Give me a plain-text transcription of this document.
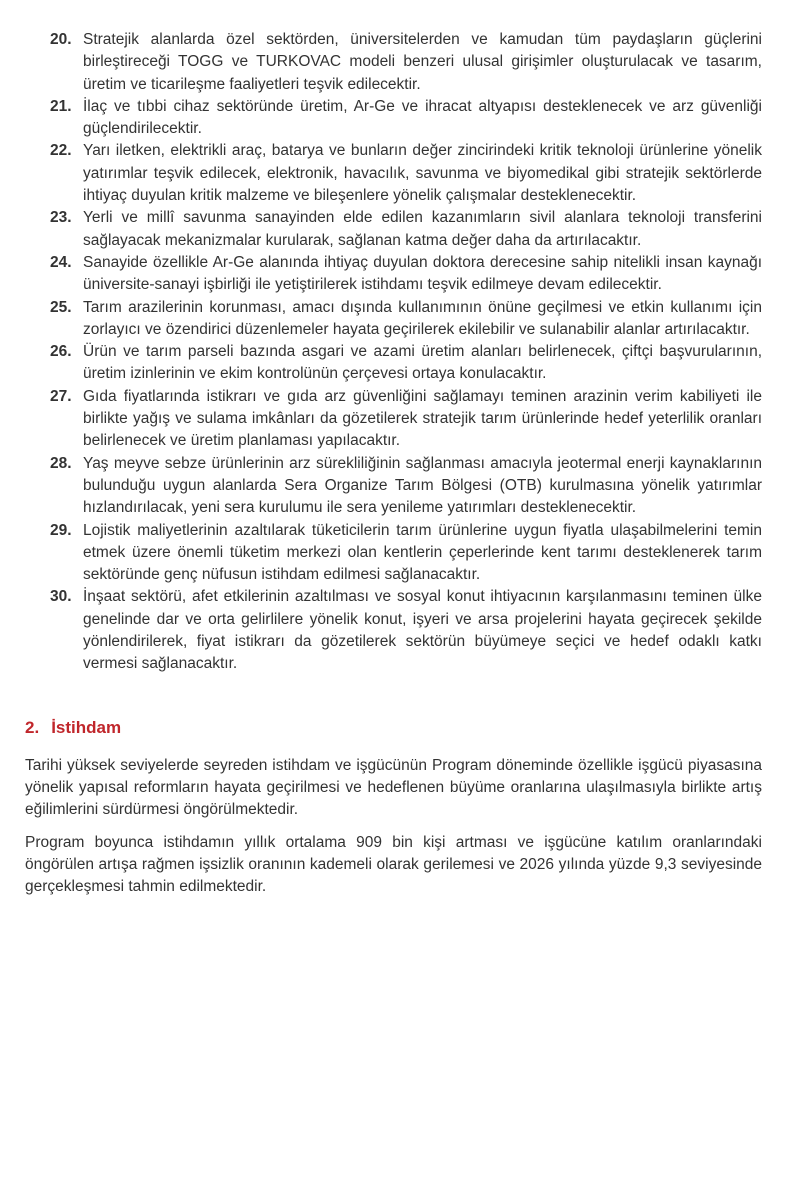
20. Stratejik alanlarda özel sektörden, üniversitelerden ve kamudan tüm paydaşların güçlerini birleştireceği TOGG ve TURKOVAC modeli benzeri ulusal girişimler oluşturulacak ve tasarım, üretim ve ticarileşme faaliyetleri teşvik edilecektir.
21. İlaç ve tıbbi cihaz sektöründe üretim, Ar-Ge ve ihracat altyapısı desteklenecek ve arz güvenliği güçlendirilecektir.
22. Yarı iletken, elektrikli araç, batarya ve bunların değer zincirindeki kritik teknoloji ürünlerine yönelik yatırımlar teşvik edilecek, elektronik, havacılık, savunma ve biyomedikal gibi stratejik sektörlerde ihtiyaç duyulan kritik malzeme ve bileşenlere yönelik çalışmalar desteklenecektir.
23. Yerli ve millî savunma sanayinden elde edilen kazanımların sivil alanlara teknoloji transferini sağlayacak mekanizmalar kurularak, sağlanan katma değer daha da artırılacaktır.
24. Sanayide özellikle Ar-Ge alanında ihtiyaç duyulan doktora derecesine sahip nitelikli insan kaynağı üniversite-sanayi işbirliği ile yetiştirilerek istihdamı teşvik edilmeye devam edilecektir.
25. Tarım arazilerinin korunması, amacı dışında kullanımının önüne geçilmesi ve etkin kullanımı için zorlayıcı ve özendirici düzenlemeler hayata geçirilerek ekilebilir ve sulanabilir alanlar artırılacaktır.
26. Ürün ve tarım parseli bazında asgari ve azami üretim alanları belirlenecek, çiftçi başvurularının, üretim izinlerinin ve ekim kontrolünün çerçevesi ortaya konulacaktır.
27. Gıda fiyatlarında istikrarı ve gıda arz güvenliğini sağlamayı teminen arazinin verim kabiliyeti ile birlikte yağış ve sulama imkânları da gözetilerek stratejik tarım ürünlerinde hedef yeterlilik oranları belirlenecek ve üretim planlaması yapılacaktır.
28. Yaş meyve sebze ürünlerinin arz sürekliliğinin sağlanması amacıyla jeotermal enerji kaynaklarının bulunduğu uygun alanlarda Sera Organize Tarım Bölgesi (OTB) kurulmasına yönelik yatırımlar hızlandırılacak, yeni sera kurulumu ile sera yenileme yatırımları desteklenecektir.
29. Lojistik maliyetlerinin azaltılarak tüketicilerin tarım ürünlerine uygun fiyatla ulaşabilmelerini temin etmek üzere önemli tüketim merkezi olan kentlerin çeperlerinde kent tarımı desteklenerek tarım sektöründe genç nüfusun istihdam edilmesi sağlanacaktır.
30. İnşaat sektörü, afet etkilerinin azaltılması ve sosyal konut ihtiyacının karşılanmasını teminen ülke genelinde dar ve orta gelirlilere yönelik konut, işyeri ve arsa projelerini hayata geçirecek şekilde yönlendirilerek, fiyat istikrarı da gözetilerek sektörün büyümeye seçici ve hedef odaklı katkı vermesi sağlanacaktır.
2. İstihdam

Tarihi yüksek seviyelerde seyreden istihdam ve işgücünün Program döneminde özellikle işgücü piyasasına yönelik yapısal reformların hayata geçirilmesi ve hedeflenen büyüme oranlarına ulaşılmasıyla birlikte artış eğilimlerini sürdürmesi öngörülmektedir.

Program boyunca istihdamın yıllık ortalama 909 bin kişi artması ve işgücüne katılım oranlarındaki öngörülen artışa rağmen işsizlik oranının kademeli olarak gerilemesi ve 2026 yılında yüzde 9,3 seviyesinde gerçekleşmesi tahmin edilmektedir.
